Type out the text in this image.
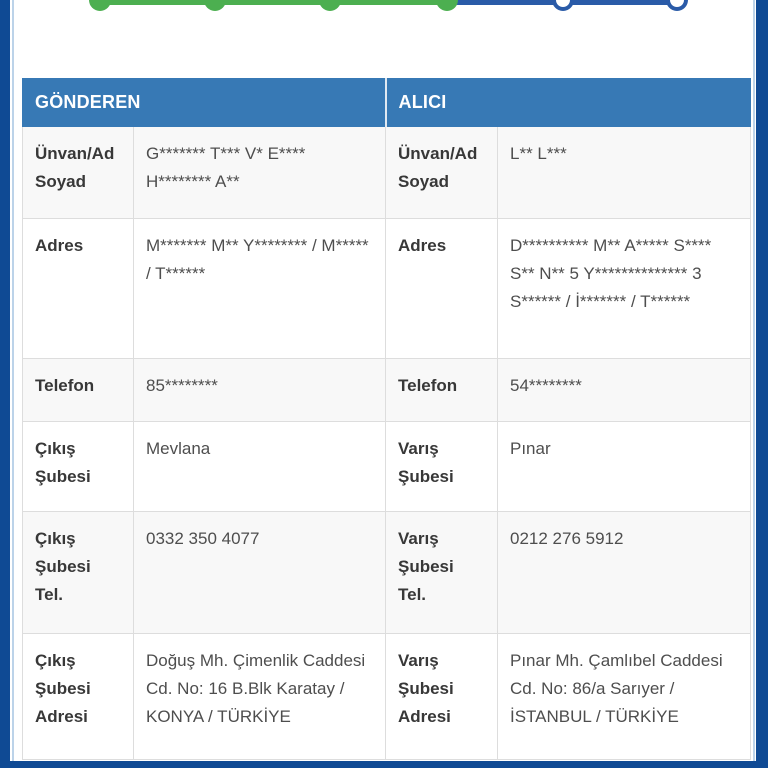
GÖNDEREN		ALICI	
Ünvan/Ad Soyad	G******* T*** V* E**** H******** A**	Ünvan/Ad Soyad	L** L***
Adres	M******* M** Y******** / M***** / T******	Adres	D********** M** A***** S**** S** N** 5 Y************** 3 S****** / İ******* / T******
Telefon	85********	Telefon	54********
Çıkış Şubesi	Mevlana	Varış Şubesi	Pınar
Çıkış Şubesi Tel.	0332 350 4077	Varış Şubesi Tel.	0212 276 5912
Çıkış Şubesi Adresi	Doğuş Mh. Çimenlik Caddesi Cd. No: 16 B.Blk Karatay / KONYA / TÜRKİYE	Varış Şubesi Adresi	Pınar Mh. Çamlıbel Caddesi Cd. No: 86/a Sarıyer / İSTANBUL / TÜRKİYE
